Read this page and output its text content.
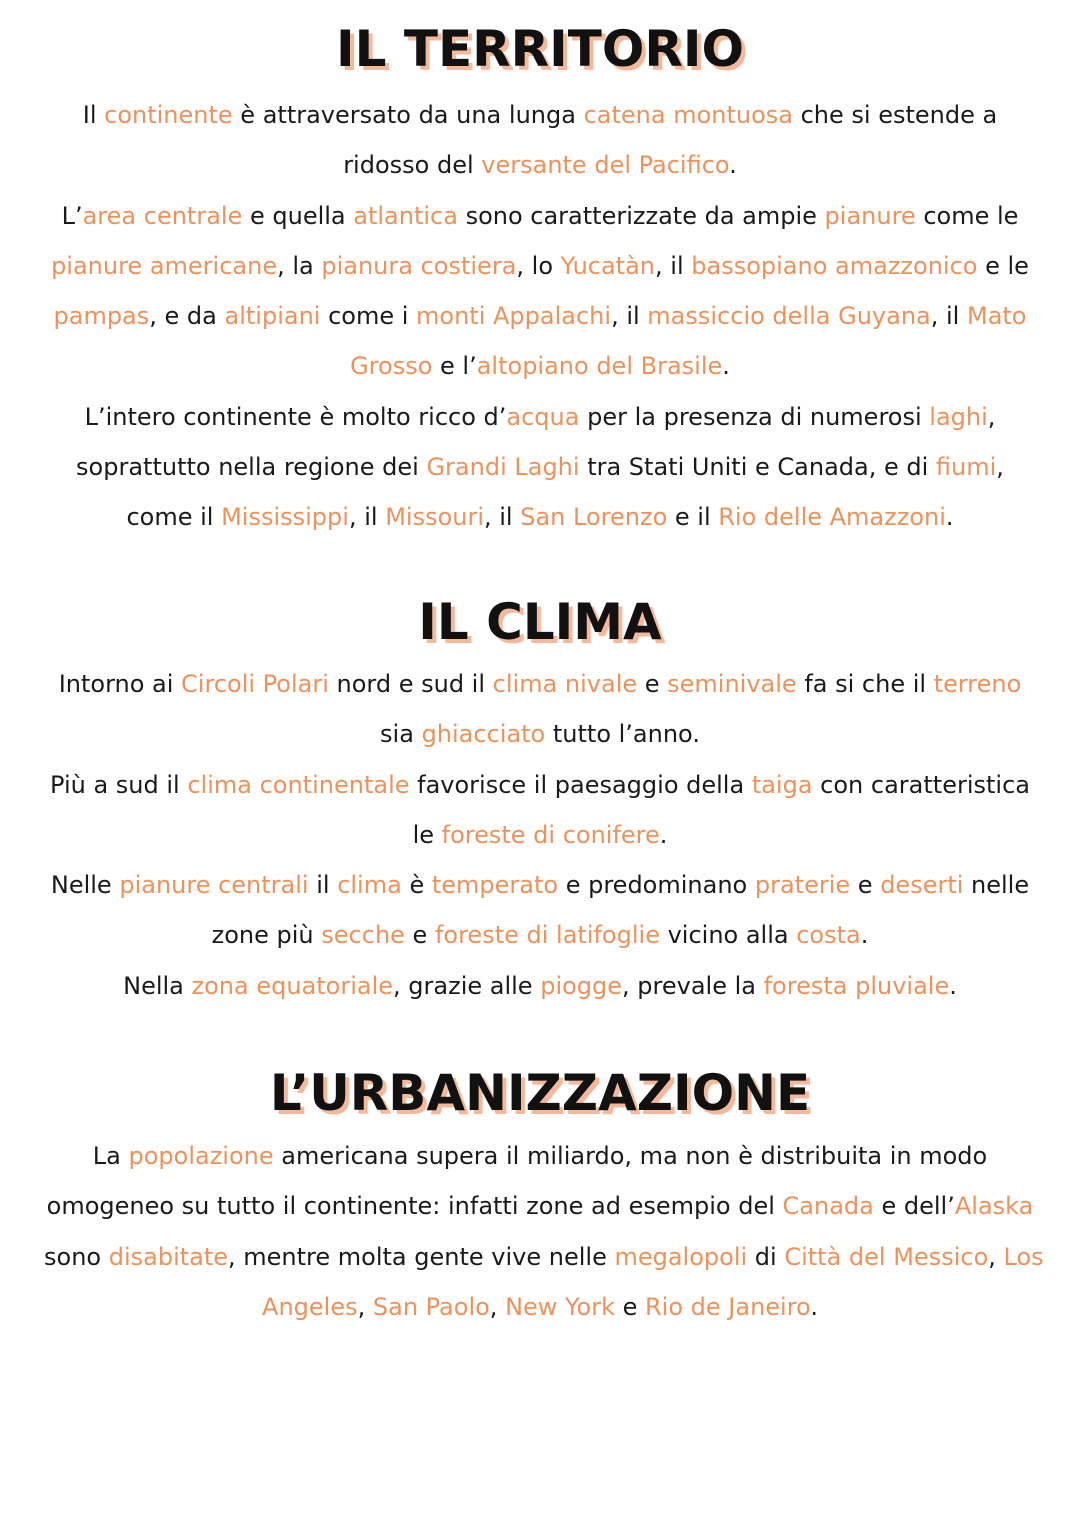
IL TERRITORIO

Il continente è attraversato da una lunga catena montuosa che si estende a
ridosso del versante del Pacifico.
L’area centrale e quella atlantica sono caratterizzate da ampie pianure come le
pianure americane, la pianura costiera, lo Yucatàn, il bassopiano amazzonico e le
pampas, e da altipiani come i monti Appalachi, il massiccio della Guyana, il Mato
Grosso e l’altopiano del Brasile.
L’intero continente è molto ricco d’acqua per la presenza di numerosi laghi,
soprattutto nella regione dei Grandi Laghi tra Stati Uniti e Canada, e di fiumi,
come il Mississippi, il Missouri, il San Lorenzo e il Rio delle Amazzoni.

IL CLIMA

Intorno ai Circoli Polari nord e sud il clima nivale e seminivale fa si che il terreno
sia ghiacciato tutto l’anno.
Più a sud il clima continentale favorisce il paesaggio della taiga con caratteristica
le foreste di conifere.
Nelle pianure centrali il clima è temperato e predominano praterie e deserti nelle
zone più secche e foreste di latifoglie vicino alla costa.
Nella zona equatoriale, grazie alle piogge, prevale la foresta pluviale.

L’URBANIZZAZIONE

La popolazione americana supera il miliardo, ma non è distribuita in modo
omogeneo su tutto il continente: infatti zone ad esempio del Canada e dell’Alaska
sono disabitate, mentre molta gente vive nelle megalopoli di Città del Messico, Los
Angeles, San Paolo, New York e Rio de Janeiro.
